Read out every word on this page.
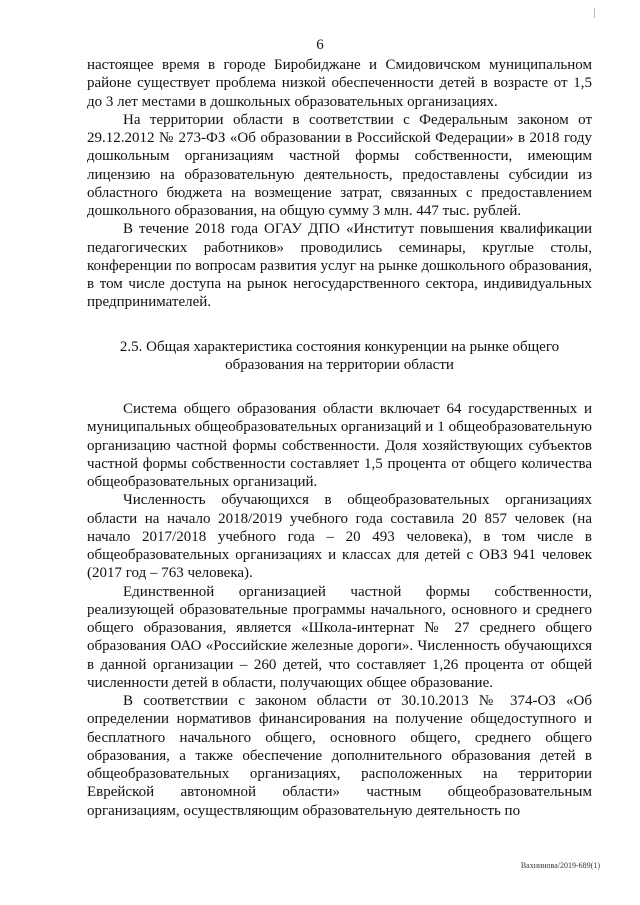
6

настоящее время в городе Биробиджане и Смидовичском муниципальном районе существует проблема низкой обеспеченности детей в возрасте от 1,5 до 3 лет местами в дошкольных образовательных организациях.

На территории области в соответствии с Федеральным законом от 29.12.2012 № 273-ФЗ «Об образовании в Российской Федерации» в 2018 году дошкольным организациям частной формы собственности, имеющим лицензию на образовательную деятельность, предоставлены субсидии из областного бюджета на возмещение затрат, связанных с предоставлением дошкольного образования, на общую сумму 3 млн. 447 тыс. рублей.

В течение 2018 года ОГАУ ДПО «Институт повышения квалификации педагогических работников» проводились семинары, круглые столы, конференции по вопросам развития услуг на рынке дошкольного образования, в том числе доступа на рынок негосударственного сектора, индивидуальных предпринимателей.

2.5. Общая характеристика состояния конкуренции на рынке общего образования на территории области

Система общего образования области включает 64 государственных и муниципальных общеобразовательных организаций и 1 общеобразовательную организацию частной формы собственности. Доля хозяйствующих субъектов частной формы собственности составляет 1,5 процента от общего количества общеобразовательных организаций.

Численность обучающихся в общеобразовательных организациях области на начало 2018/2019 учебного года составила 20 857 человек (на начало 2017/2018 учебного года – 20 493 человека), в том числе в общеобразовательных организациях и классах для детей с ОВЗ 941 человек (2017 год – 763 человека).

Единственной организацией частной формы собственности, реализующей образовательные программы начального, основного и среднего общего образования, является «Школа-интернат № 27 среднего общего образования ОАО «Российские железные дороги». Численность обучающихся в данной организации – 260 детей, что составляет 1,26 процента от общей численности детей в области, получающих общее образование.

В соответствии с законом области от 30.10.2013 № 374-ОЗ «Об определении нормативов финансирования на получение общедоступного и бесплатного начального общего, основного общего, среднего общего образования, а также обеспечение дополнительного образования детей в общеобразовательных организациях, расположенных на территории Еврейской автономной области» частным общеобразовательным организациям, осуществляющим образовательную деятельность по

Вахнинова/2019-689(1)
